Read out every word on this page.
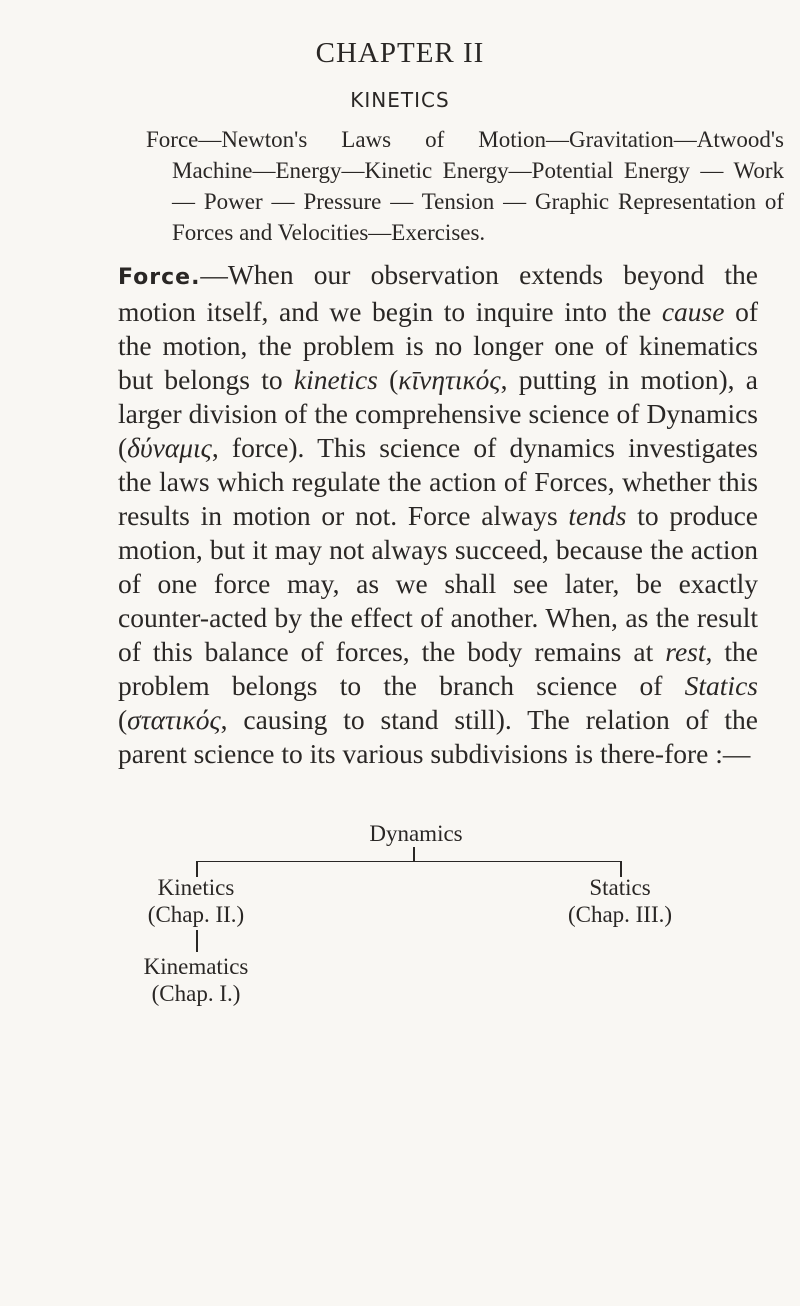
CHAPTER II
KINETICS
Force—Newton's Laws of Motion—Gravitation—Atwood's Machine—Energy—Kinetic Energy—Potential Energy — Work — Power — Pressure — Tension — Graphic Representation of Forces and Velocities—Exercises.
Force.—When our observation extends beyond the motion itself, and we begin to inquire into the cause of the motion, the problem is no longer one of kinematics but belongs to kinetics (κῑνητικός, putting in motion), a larger division of the comprehensive science of Dynamics (δύναμις, force). This science of dynamics investigates the laws which regulate the action of Forces, whether this results in motion or not. Force always tends to produce motion, but it may not always succeed, because the action of one force may, as we shall see later, be exactly counter-acted by the effect of another. When, as the result of this balance of forces, the body remains at rest, the problem belongs to the branch science of Statics (στατικός, causing to stand still). The relation of the parent science to its various subdivisions is there-fore :—
Dynamics
Kinetics
(Chap. II.)
Statics
(Chap. III.)
Kinematics
(Chap. I.)
